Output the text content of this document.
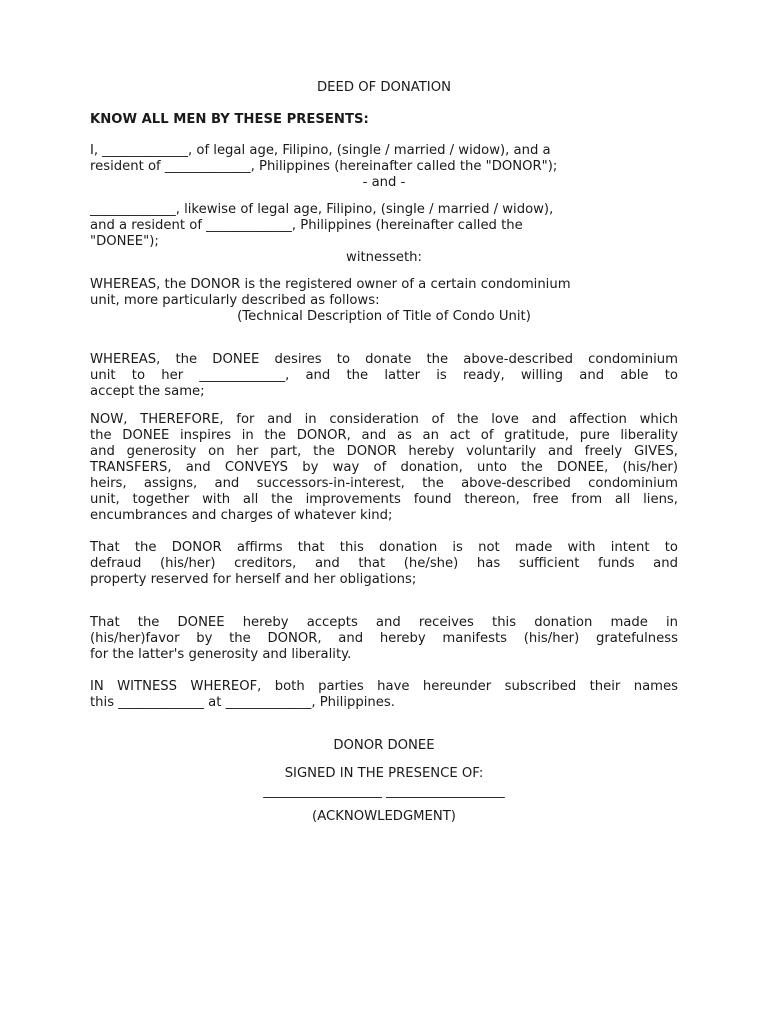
DEED OF DONATION

KNOW ALL MEN BY THESE PRESENTS:

I, _____________, of legal age, Filipino, (single / married / widow), and a
resident of _____________, Philippines (hereinafter called the "DONOR");

- and -

_____________, likewise of legal age, Filipino, (single / married / widow),
and a resident of _____________, Philippines (hereinafter called the
"DONEE");

witnesseth:

WHEREAS, the DONOR is the registered owner of a certain condominium
unit, more particularly described as follows:

(Technical Description of Title of Condo Unit)

WHEREAS, the DONEE desires to donate the above-described condominium
unit to her _____________, and the latter is ready, willing and able to
accept the same;
NOW, THEREFORE, for and in consideration of the love and affection which
the DONEE inspires in the DONOR, and as an act of gratitude, pure liberality
and generosity on her part, the DONOR hereby voluntarily and freely GIVES,
TRANSFERS, and CONVEYS by way of donation, unto the DONEE, (his/her)
heirs, assigns, and successors-in-interest, the above-described condominium
unit, together with all the improvements found thereon, free from all liens,
encumbrances and charges of whatever kind;
That the DONOR affirms that this donation is not made with intent to
defraud (his/her) creditors, and that (he/she) has sufficient funds and
property reserved for herself and her obligations;
That the DONEE hereby accepts and receives this donation made in
(his/her)favor by the DONOR, and hereby manifests (his/her) gratefulness
for the latter's generosity and liberality.
IN WITNESS WHEREOF, both parties have hereunder subscribed their names
this _____________ at _____________, Philippines.

DONOR DONEE

SIGNED IN THE PRESENCE OF:

__________________ __________________

(ACKNOWLEDGMENT)
